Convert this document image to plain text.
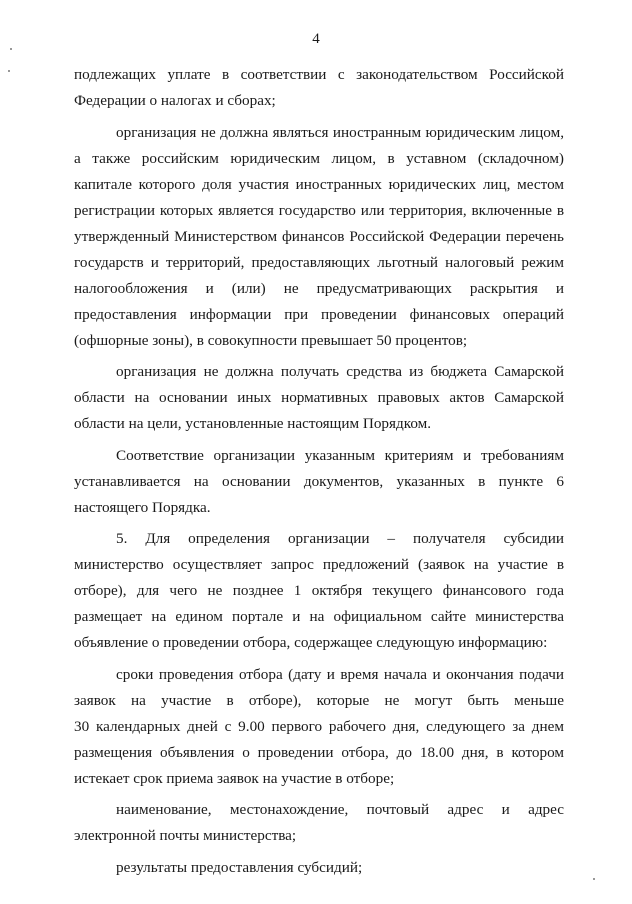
4
подлежащих уплате в соответствии с законодательством Российской
Федерации о налогах и сборах;
организация не должна являться иностранным юридическим лицом,
а также российским юридическим лицом, в уставном (складочном)
капитале которого доля участия иностранных юридических лиц, местом
регистрации которых является государство или территория, включенные в
утвержденный Министерством финансов Российской Федерации перечень
государств и территорий, предоставляющих льготный налоговый режим
налогообложения и (или) не предусматривающих раскрытия и
предоставления информации при проведении финансовых операций
(офшорные зоны), в совокупности превышает 50 процентов;
организация не должна получать средства из бюджета Самарской
области на основании иных нормативных правовых актов Самарской
области на цели, установленные настоящим Порядком.
Соответствие организации указанным критериям и требованиям
устанавливается на основании документов, указанных в пункте 6
настоящего Порядка.
5. Для определения организации – получателя субсидии
министерство осуществляет запрос предложений (заявок на участие в
отборе), для чего не позднее 1 октября текущего финансового года
размещает на едином портале и на официальном сайте министерства
объявление о проведении отбора, содержащее следующую информацию:
сроки проведения отбора (дату и время начала и окончания подачи
заявок на участие в отборе), которые не могут быть меньше
30 календарных дней с 9.00 первого рабочего дня, следующего за днем
размещения объявления о проведении отбора, до 18.00 дня, в котором
истекает срок приема заявок на участие в отборе;
наименование, местонахождение, почтовый адрес и адрес
электронной почты министерства;
результаты предоставления субсидий;
